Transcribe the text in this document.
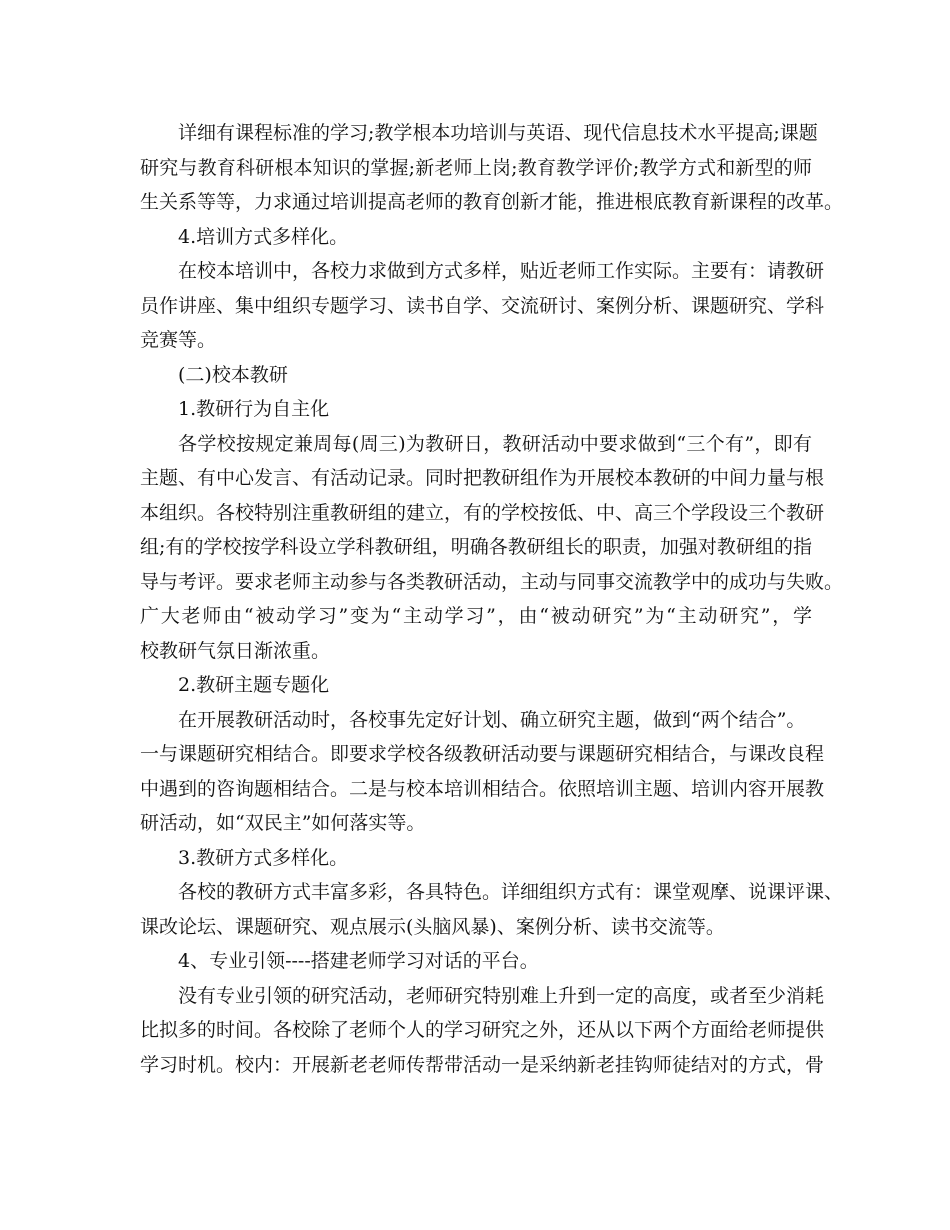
详细有课程标准的学习;教学根本功培训与英语、现代信息技术水平提高;课题
研究与教育科研根本知识的掌握;新老师上岗;教育教学评价;教学方式和新型的师
生关系等等，力求通过培训提高老师的教育创新才能，推进根底教育新课程的改革。
4.培训方式多样化。
在校本培训中，各校力求做到方式多样，贴近老师工作实际。主要有：请教研
员作讲座、集中组织专题学习、读书自学、交流研讨、案例分析、课题研究、学科
竞赛等。
(二)校本教研
1.教研行为自主化
各学校按规定兼周每(周三)为教研日，教研活动中要求做到“三个有”，即有
主题、有中心发言、有活动记录。同时把教研组作为开展校本教研的中间力量与根
本组织。各校特别注重教研组的建立，有的学校按低、中、高三个学段设三个教研
组;有的学校按学科设立学科教研组，明确各教研组长的职责，加强对教研组的指
导与考评。要求老师主动参与各类教研活动，主动与同事交流教学中的成功与失败。
广大老师由“被动学习”变为“主动学习”，由“被动研究”为“主动研究”，学
校教研气氛日渐浓重。
2.教研主题专题化
在开展教研活动时，各校事先定好计划、确立研究主题，做到“两个结合”。
一与课题研究相结合。即要求学校各级教研活动要与课题研究相结合，与课改良程
中遇到的咨询题相结合。二是与校本培训相结合。依照培训主题、培训内容开展教
研活动，如“双民主”如何落实等。
3.教研方式多样化。
各校的教研方式丰富多彩，各具特色。详细组织方式有：课堂观摩、说课评课、
课改论坛、课题研究、观点展示(头脑风暴)、案例分析、读书交流等。
4、专业引领----搭建老师学习对话的平台。
没有专业引领的研究活动，老师研究特别难上升到一定的高度，或者至少消耗
比拟多的时间。各校除了老师个人的学习研究之外，还从以下两个方面给老师提供
学习时机。校内：开展新老老师传帮带活动一是采纳新老挂钩师徒结对的方式，骨
